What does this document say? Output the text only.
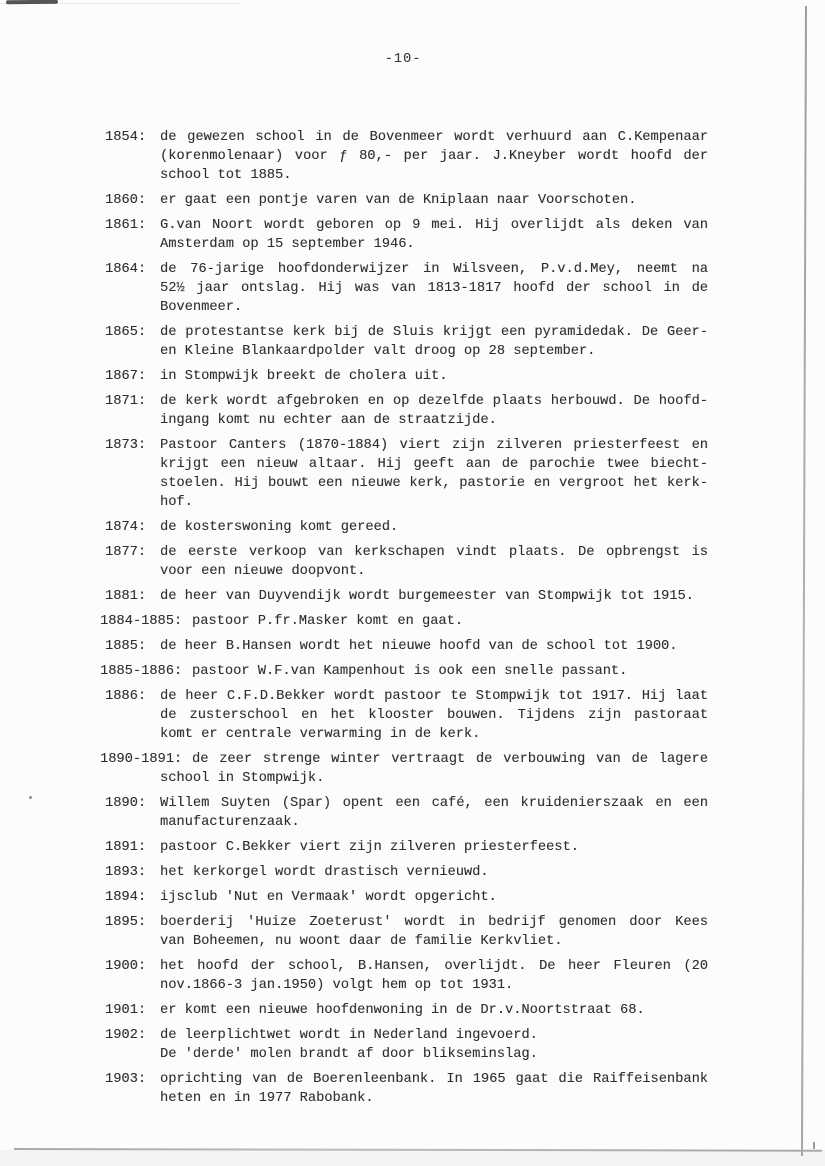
-10-
1854: de gewezen school in de Bovenmeer wordt verhuurd aan C.Kempenaar
(korenmolenaar) voor ƒ 80,- per jaar. J.Kneyber wordt hoofd der
school tot 1885.
1860: er gaat een pontje varen van de Kniplaan naar Voorschoten.
1861: G.van Noort wordt geboren op 9 mei. Hij overlijdt als deken van
Amsterdam op 15 september 1946.
1864: de 76-jarige hoofdonderwijzer in Wilsveen, P.v.d.Mey, neemt na
52½ jaar ontslag. Hij was van 1813-1817 hoofd der school in de
Bovenmeer.
1865: de protestantse kerk bij de Sluis krijgt een pyramidedak. De Geer-
en Kleine Blankaardpolder valt droog op 28 september.
1867: in Stompwijk breekt de cholera uit.
1871: de kerk wordt afgebroken en op dezelfde plaats herbouwd. De hoofd-
ingang komt nu echter aan de straatzijde.
1873: Pastoor Canters (1870-1884) viert zijn zilveren priesterfeest en
krijgt een nieuw altaar. Hij geeft aan de parochie twee biecht-
stoelen. Hij bouwt een nieuwe kerk, pastorie en vergroot het kerk-
hof.
1874: de kosterswoning komt gereed.
1877: de eerste verkoop van kerkschapen vindt plaats. De opbrengst is
voor een nieuwe doopvont.
1881: de heer van Duyvendijk wordt burgemeester van Stompwijk tot 1915.
1884-1885: pastoor P.fr.Masker komt en gaat.
1885: de heer B.Hansen wordt het nieuwe hoofd van de school tot 1900.
1885-1886: pastoor W.F.van Kampenhout is ook een snelle passant.
1886: de heer C.F.D.Bekker wordt pastoor te Stompwijk tot 1917. Hij laat
de zusterschool en het klooster bouwen. Tijdens zijn pastoraat
komt er centrale verwarming in de kerk.
1890-1891: de zeer strenge winter vertraagt de verbouwing van de lagere
school in Stompwijk.
1890: Willem Suyten (Spar) opent een café, een kruidenierszaak en een
manufacturenzaak.
1891: pastoor C.Bekker viert zijn zilveren priesterfeest.
1893: het kerkorgel wordt drastisch vernieuwd.
1894: ijsclub 'Nut en Vermaak' wordt opgericht.
1895: boerderij 'Huize Zoeterust' wordt in bedrijf genomen door Kees
van Boheemen, nu woont daar de familie Kerkvliet.
1900: het hoofd der school, B.Hansen, overlijdt. De heer Fleuren (20
nov.1866-3 jan.1950) volgt hem op tot 1931.
1901: er komt een nieuwe hoofdenwoning in de Dr.v.Noortstraat 68.
1902: de leerplichtwet wordt in Nederland ingevoerd.
De 'derde' molen brandt af door blikseminslag.
1903: oprichting van de Boerenleenbank. In 1965 gaat die Raiffeisenbank
heten en in 1977 Rabobank.
